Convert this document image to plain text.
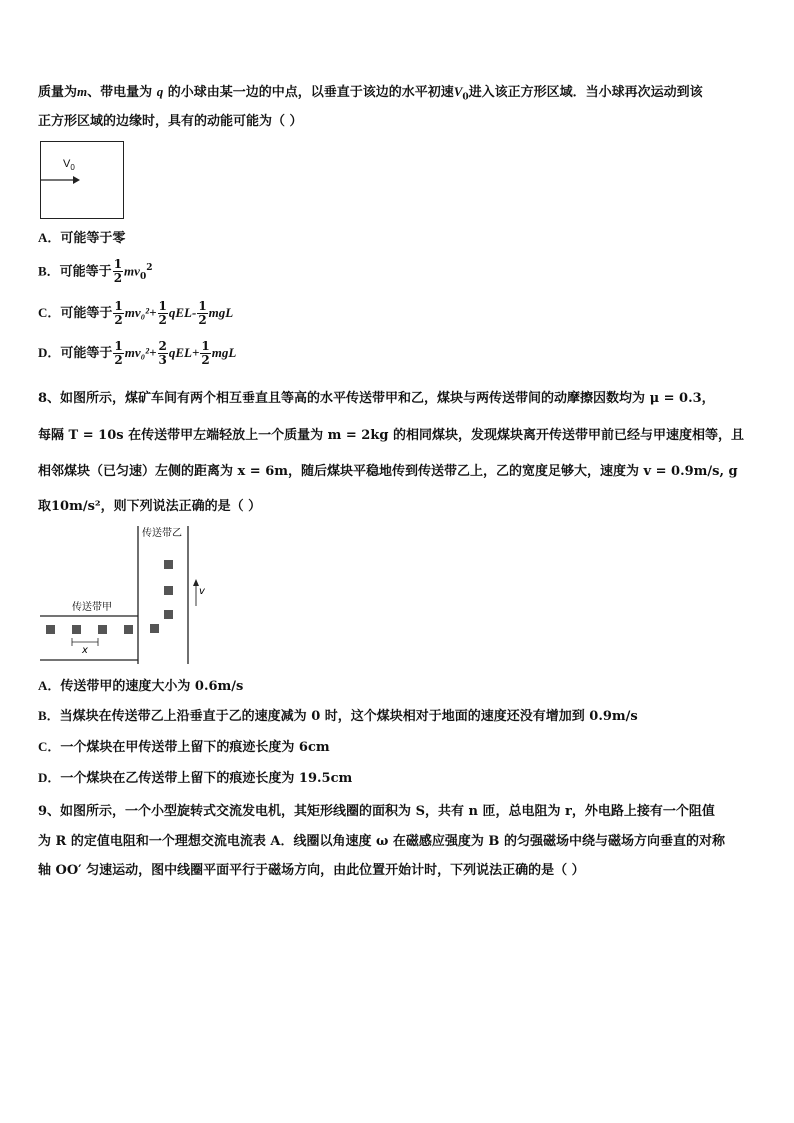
质量为m、带电量为 q 的小球由某一边的中点，以垂直于该边的水平初速$V_0$进入该正方形区域．当小球再次运动到该
正方形区域的边缘时，具有的动能可能为（ ）
$V_0$
A．可能等于零
B．可能等于 $\frac{1}{2} mv_0^2$
C．可能等于 $\frac{1}{2} mv_0^2+ \frac{1}{2} qEL- \frac{1}{2}$ mgL
D．可能等于 $\frac{1}{2} mv_0^2+ \frac{2}{3} qEL+ \frac{1}{2}$ mgL
8、如图所示，煤矿车间有两个相互垂直且等高的水平传送带甲和乙，煤块与两传送带间的动摩擦因数均为 μ = 0.3，
每隔 T = 10s 在传送带甲左端轻放上一个质量为 m = 2kg 的相同煤块，发现煤块离开传送带甲前已经与甲速度相等，且
相邻煤块（已匀速）左侧的距离为 x = 6m，随后煤块平稳地传到传送带乙上，乙的宽度足够大，速度为 v = 0.9m/s, g
取10m/s²，则下列说法正确的是（ ）
传送带乙
传送带甲
x
v
A．传送带甲的速度大小为 0.6m/s
B．当煤块在传送带乙上沿垂直于乙的速度减为 0 时，这个煤块相对于地面的速度还没有增加到 0.9m/s
C．一个煤块在甲传送带上留下的痕迹长度为 6cm
D．一个煤块在乙传送带上留下的痕迹长度为 19.5cm
9、如图所示，一个小型旋转式交流发电机，其矩形线圈的面积为 S，共有 n 匝，总电阻为 r，外电路上接有一个阻值
为 R 的定值电阻和一个理想交流电流表 A．线圈以角速度 ω 在磁感应强度为 B 的匀强磁场中绕与磁场方向垂直的对称
轴 OO′ 匀速运动，图中线圈平面平行于磁场方向，由此位置开始计时，下列说法正确的是（ ）
